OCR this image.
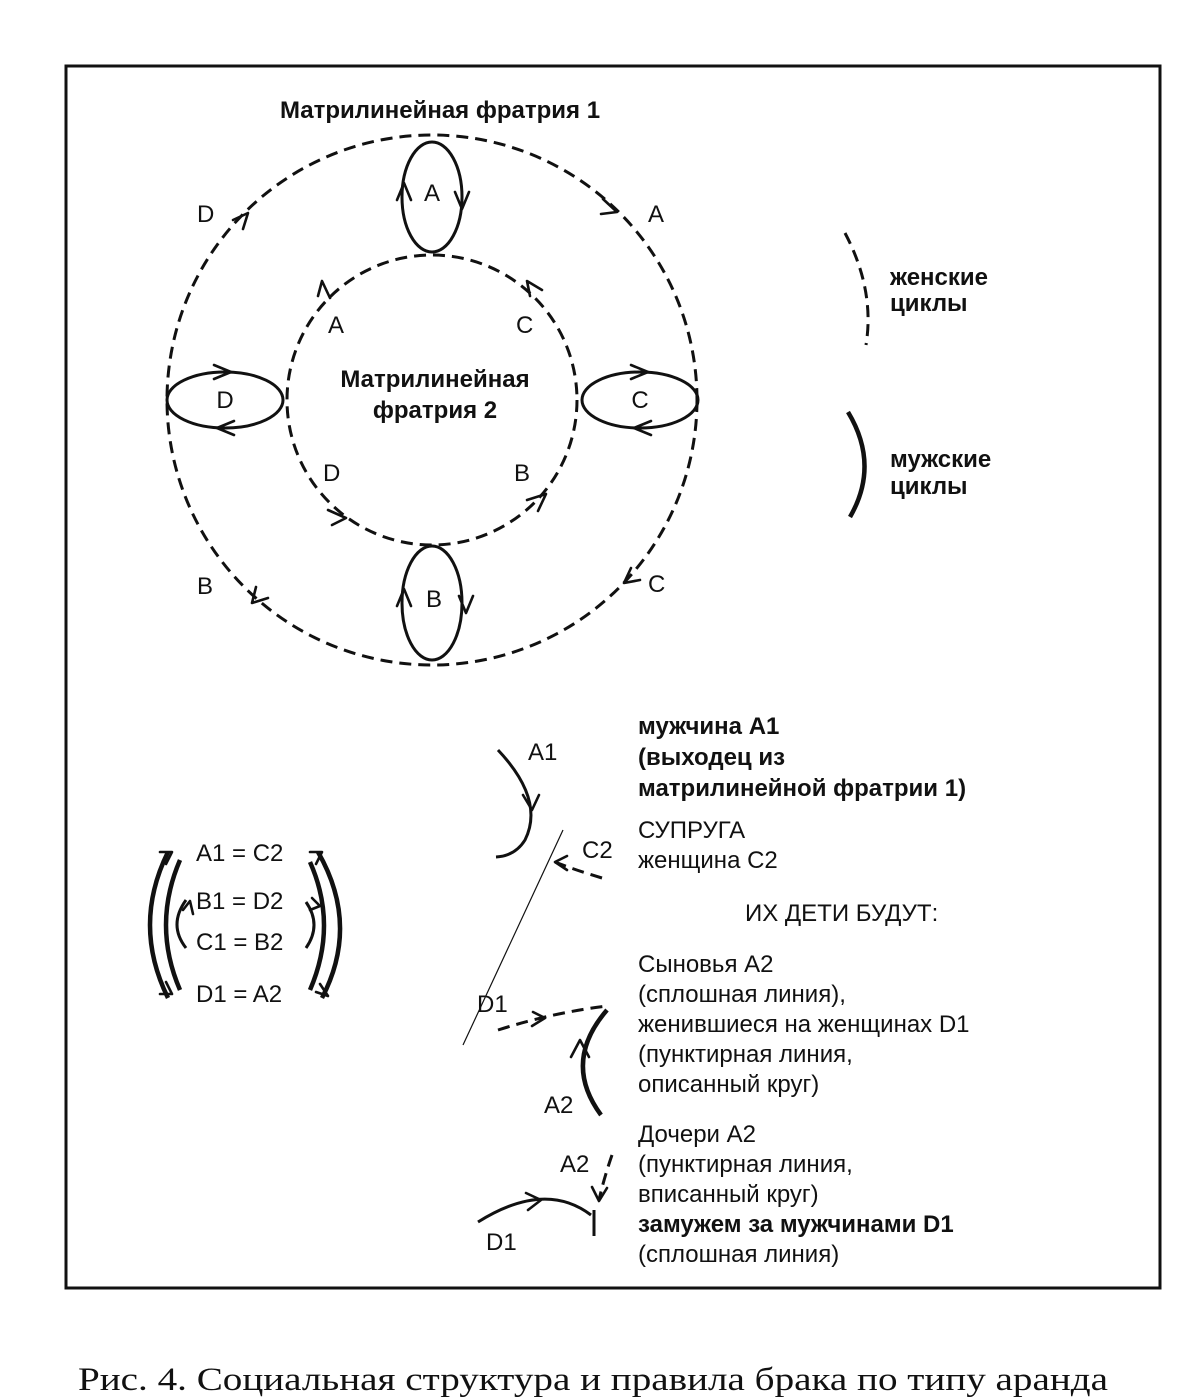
Матрилинейная фратрия 1
D	A
B	C
A	C
D	B
A
D	C
B
Матрилинейная
фратрия 2
женские
циклы
мужские
циклы
A1 = C2
B1 = D2
C1 = B2
D1 = A2
A1
C2
D1
A2
A2
D1
мужчина A1
(выходец из
матрилинейной фратрии 1)
СУПРУГА
женщина C2
ИХ ДЕТИ БУДУТ:
Сыновья A2
(сплошная линия),
женившиеся на женщинах D1
(пунктирная линия,
описанный круг)
Дочери A2
(пунктирная линия,
вписанный круг)
замужем за мужчинами D1
(сплошная линия)
Рис. 4. Социальная структура и правила брака по типу аранда
